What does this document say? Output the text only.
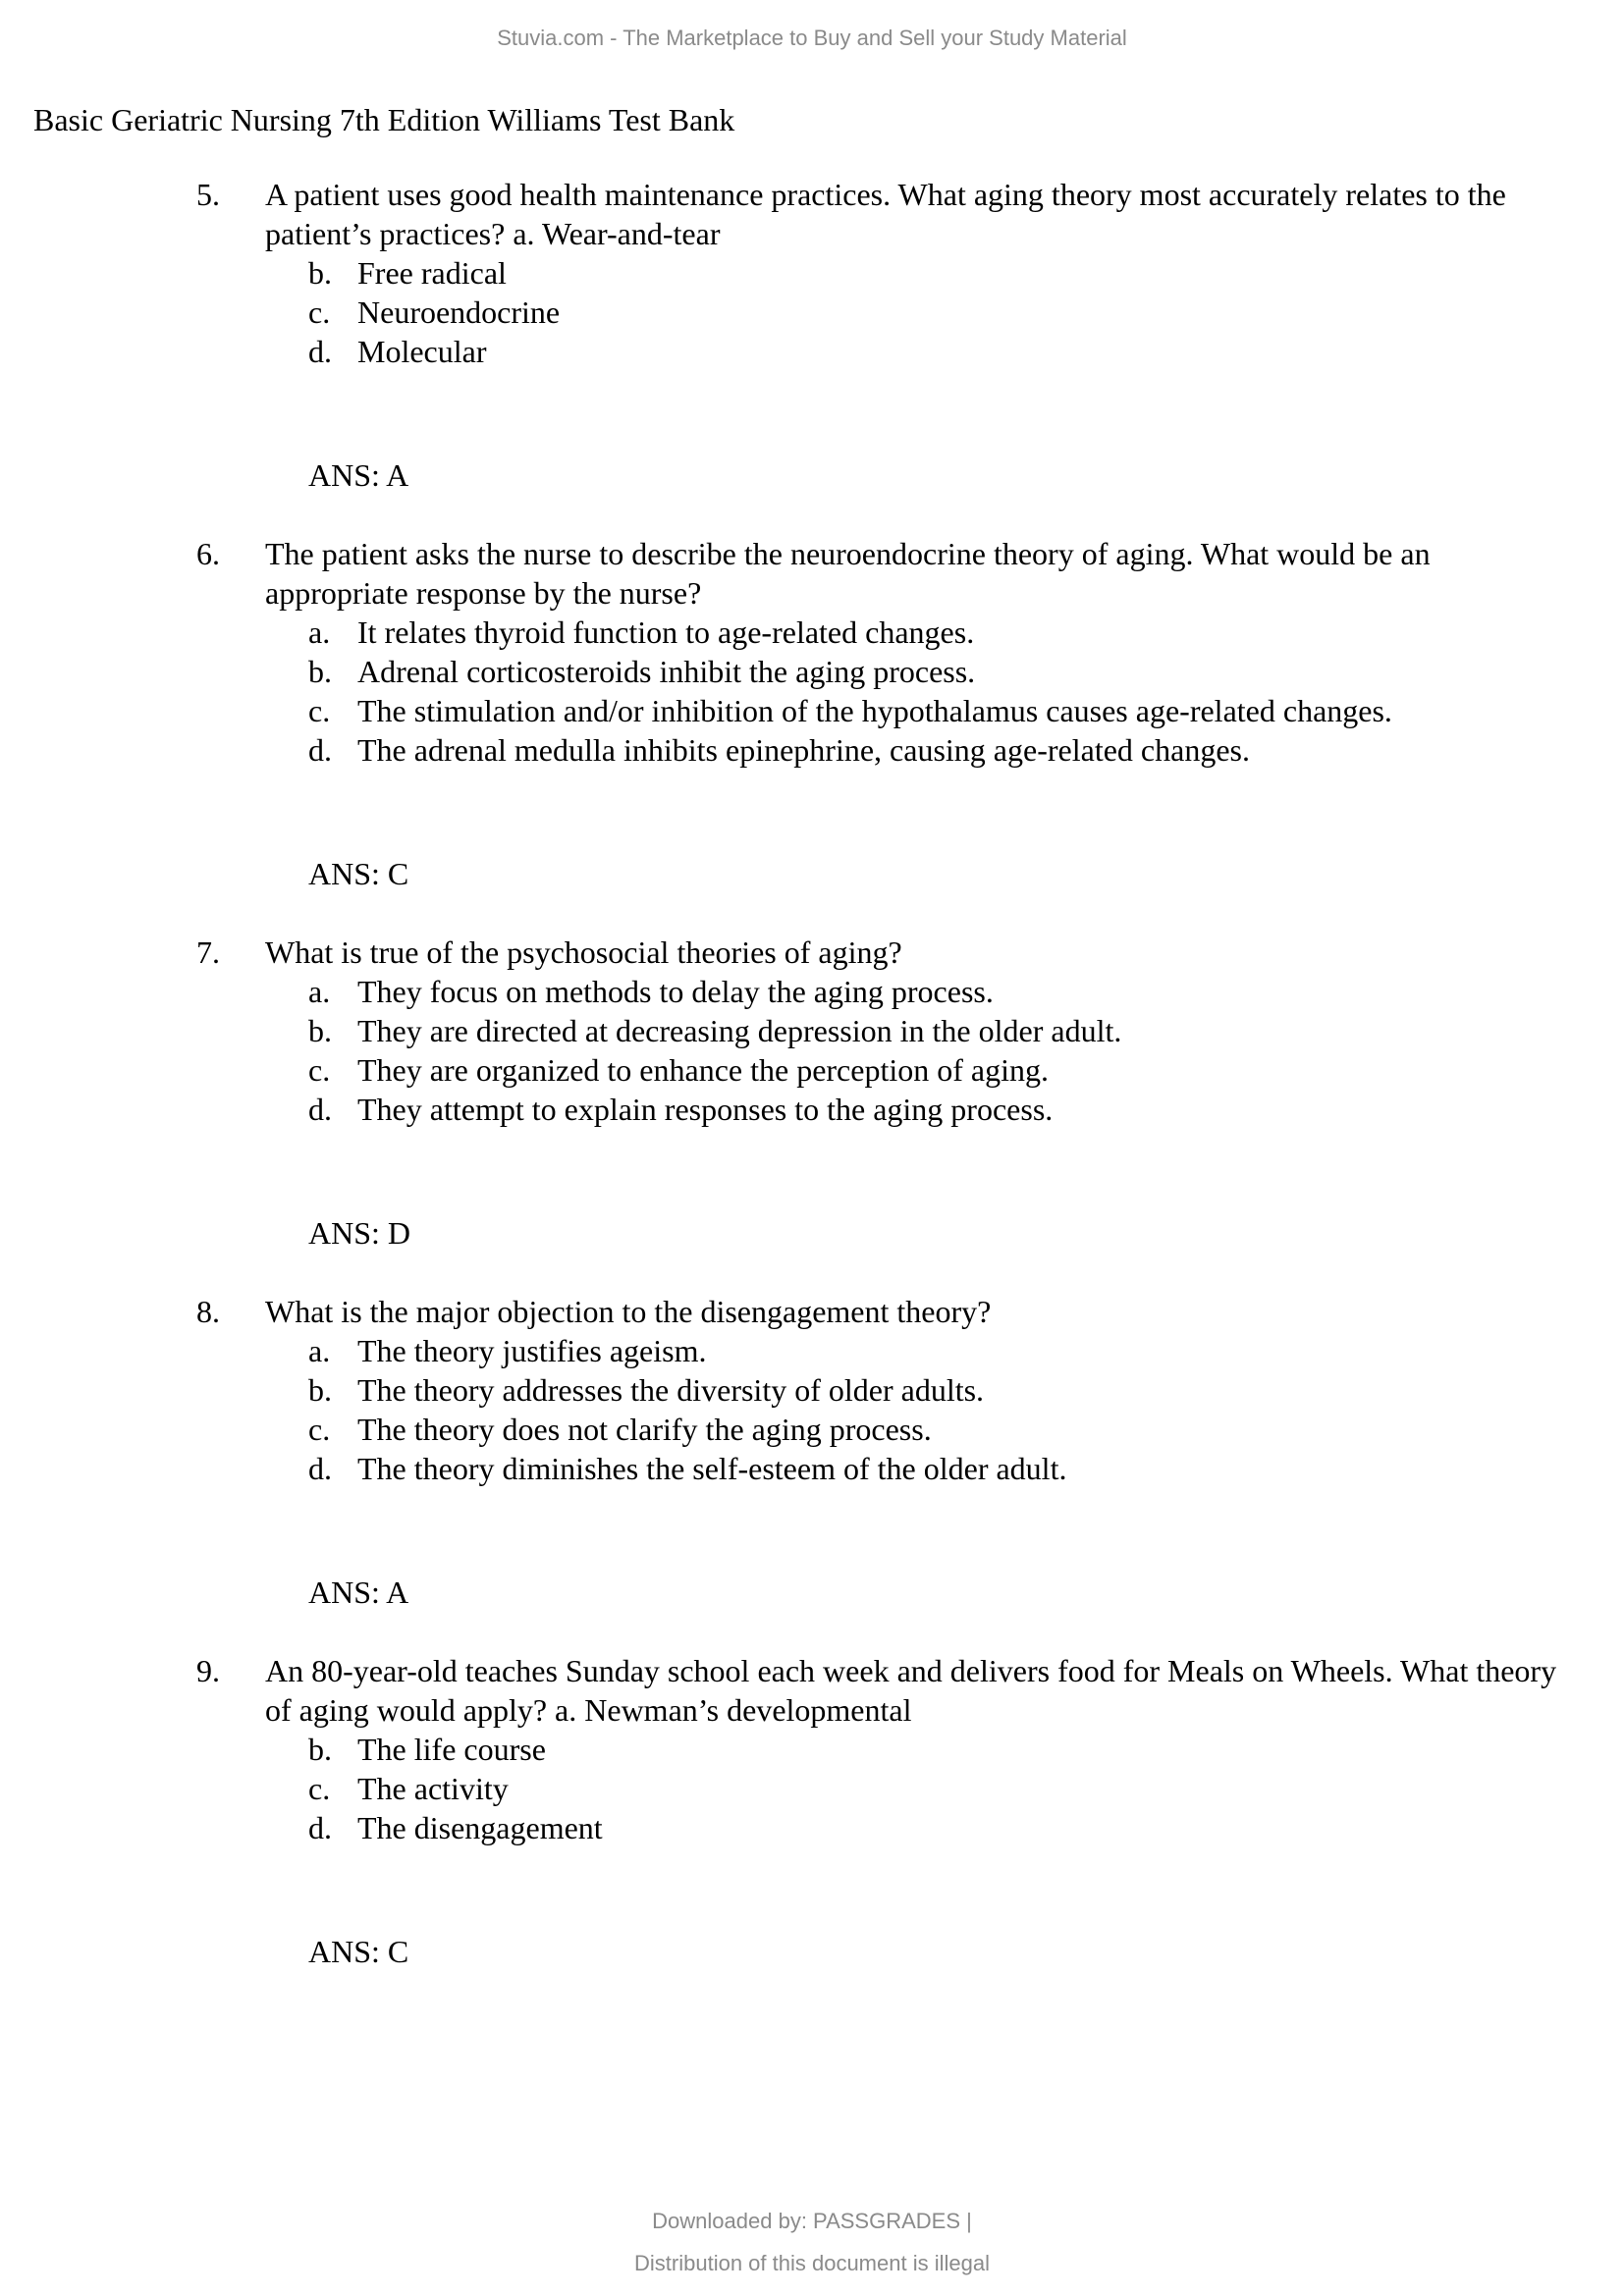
Stuvia.com - The Marketplace to Buy and Sell your Study Material
Basic Geriatric Nursing 7th Edition Williams Test Bank
5. A patient uses good health maintenance practices. What aging theory most accurately relates to the patient’s practices? a. Wear-and-tear
b. Free radical
c. Neuroendocrine
d. Molecular
ANS: A
6. The patient asks the nurse to describe the neuroendocrine theory of aging. What would be an appropriate response by the nurse?
a. It relates thyroid function to age-related changes.
b. Adrenal corticosteroids inhibit the aging process.
c. The stimulation and/or inhibition of the hypothalamus causes age-related changes.
d. The adrenal medulla inhibits epinephrine, causing age-related changes.
ANS: C
7. What is true of the psychosocial theories of aging?
a. They focus on methods to delay the aging process.
b. They are directed at decreasing depression in the older adult.
c. They are organized to enhance the perception of aging.
d. They attempt to explain responses to the aging process.
ANS: D
8. What is the major objection to the disengagement theory?
a. The theory justifies ageism.
b. The theory addresses the diversity of older adults.
c. The theory does not clarify the aging process.
d. The theory diminishes the self-esteem of the older adult.
ANS: A
9. An 80-year-old teaches Sunday school each week and delivers food for Meals on Wheels. What theory of aging would apply? a. Newman’s developmental
b. The life course
c. The activity
d. The disengagement
ANS: C
Downloaded by: PASSGRADES |
Distribution of this document is illegal
